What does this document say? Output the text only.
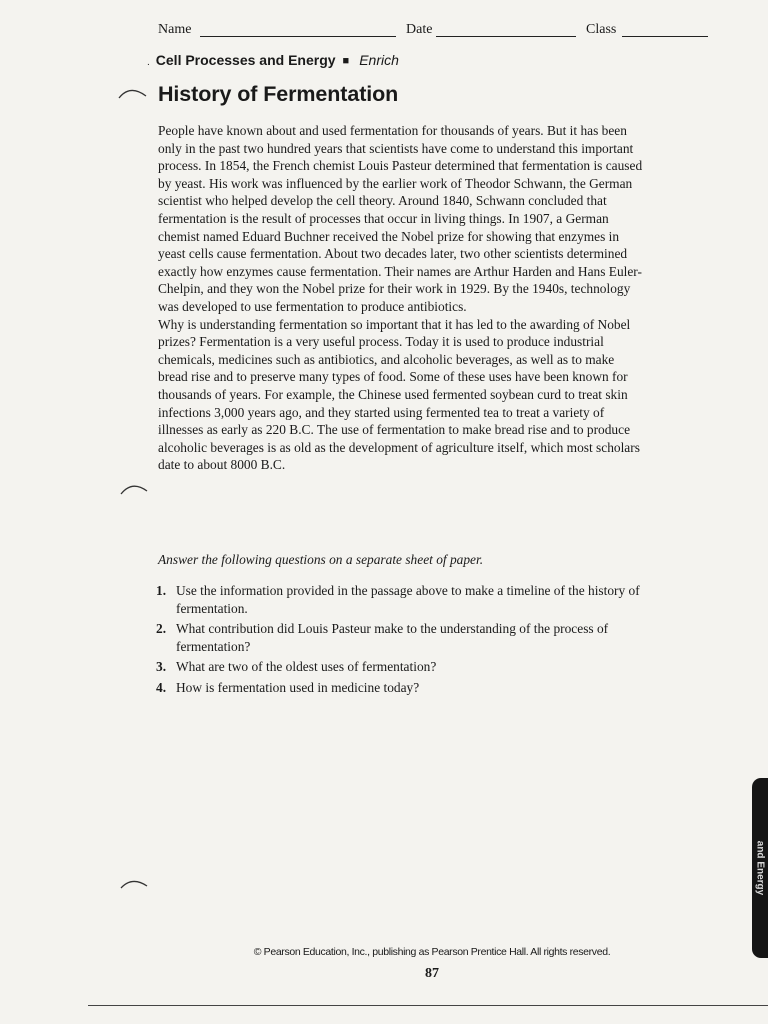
Name	Date	Class
. Cell Processes and Energy ■ Enrich
History of Fermentation

People have known about and used fermentation for thousands of years. But it has been only in the past two hundred years that scientists have come to understand this important process. In 1854, the French chemist Louis Pasteur determined that fermentation is caused by yeast. His work was influenced by the earlier work of Theodor Schwann, the German scientist who helped develop the cell theory. Around 1840, Schwann concluded that fermentation is the result of processes that occur in living things. In 1907, a German chemist named Eduard Buchner received the Nobel prize for showing that enzymes in yeast cells cause fermentation. About two decades later, two other scientists determined exactly how enzymes cause fermentation. Their names are Arthur Harden and Hans Euler-Chelpin, and they won the Nobel prize for their work in 1929. By the 1940s, technology was developed to use fermentation to produce antibiotics.

Why is understanding fermentation so important that it has led to the awarding of Nobel prizes? Fermentation is a very useful process. Today it is used to produce industrial chemicals, medicines such as antibiotics, and alcoholic beverages, as well as to make bread rise and to preserve many types of food. Some of these uses have been known for thousands of years. For example, the Chinese used fermented soybean curd to treat skin infections 3,000 years ago, and they started using fermented tea to treat a variety of illnesses as early as 220 B.C. The use of fermentation to make bread rise and to produce alcoholic beverages is as old as the development of agriculture itself, which most scholars date to about 8000 B.C.

Answer the following questions on a separate sheet of paper.
1. Use the information provided in the passage above to make a timeline of the history of fermentation.
2. What contribution did Louis Pasteur make to the understanding of the process of fermentation?
3. What are two of the oldest uses of fermentation?
4. How is fermentation used in medicine today?
and Energy
© Pearson Education, Inc., publishing as Pearson Prentice Hall. All rights reserved.
87
